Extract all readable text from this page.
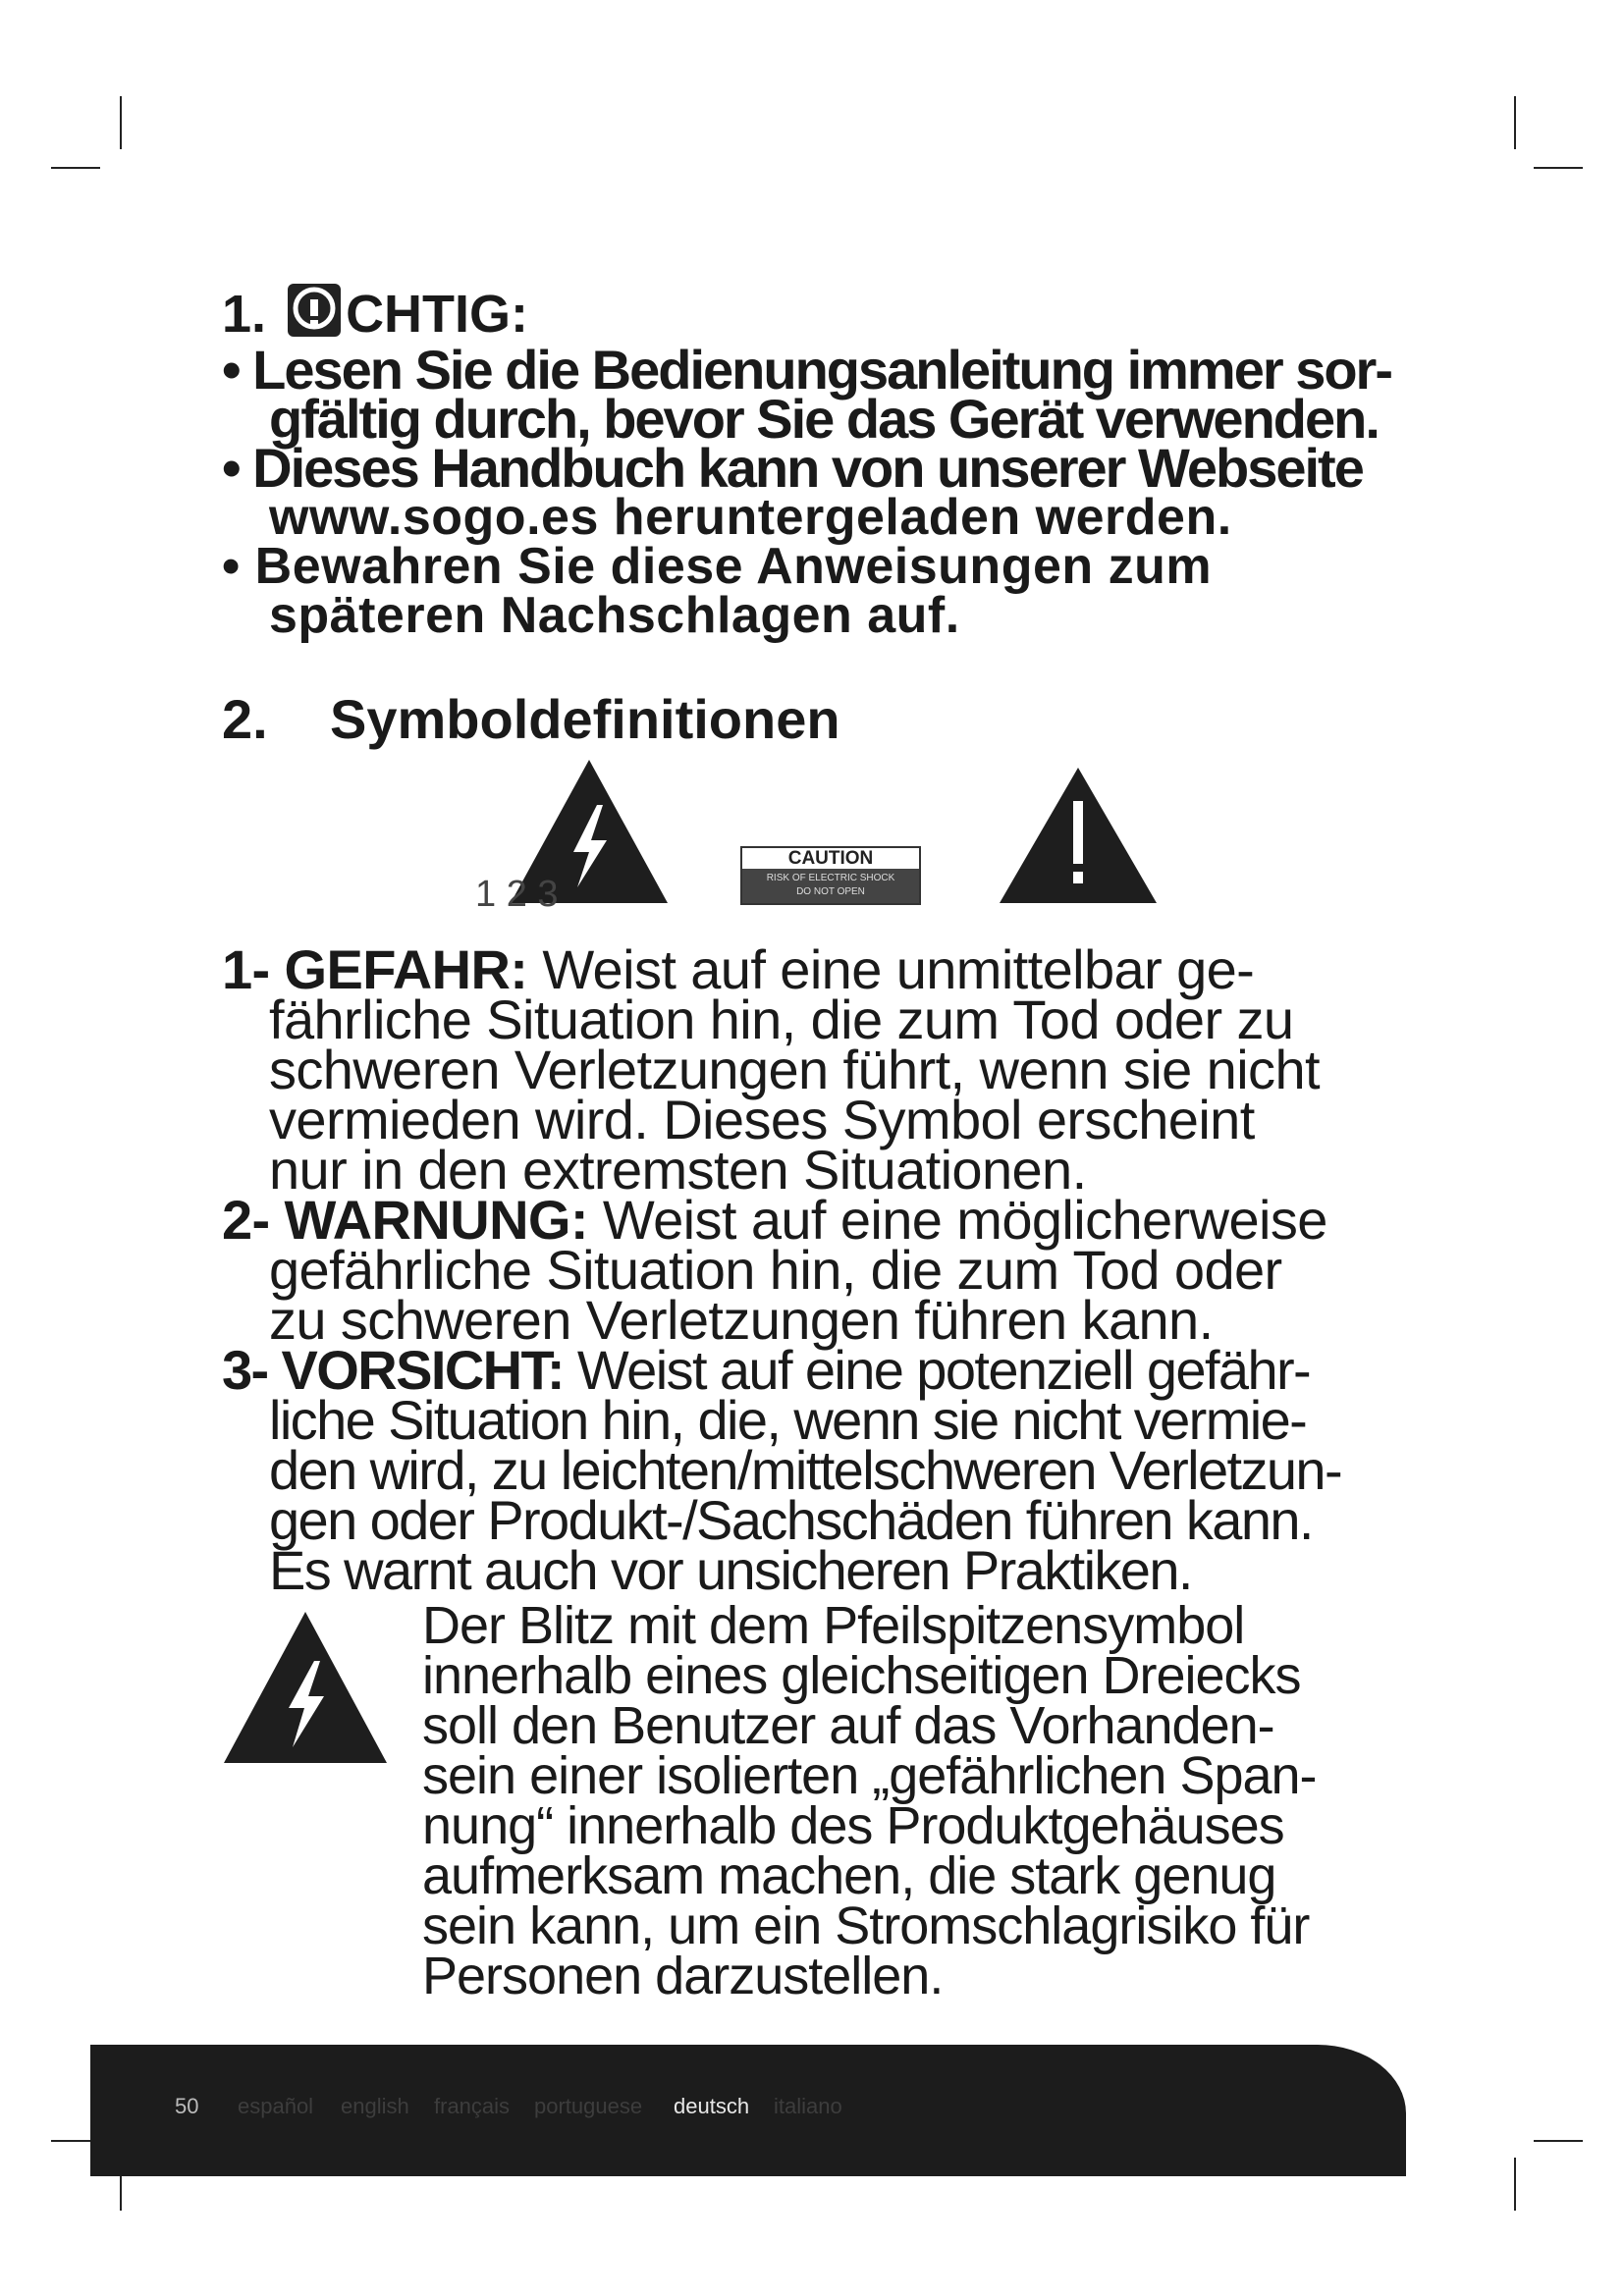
1. CHTIG:
• Lesen Sie die Bedienungsanleitung immer sor-
gfältig durch, bevor Sie das Gerät verwenden.
• Dieses Handbuch kann von unserer Webseite
www.sogo.es heruntergeladen werden.
• Bewahren Sie diese Anweisungen zum
späteren Nachschlagen auf.
2. Symboldefinitionen
1 2 3
CAUTION
RISK OF ELECTRIC SHOCK
DO NOT OPEN
1- GEFAHR: Weist auf eine unmittelbar ge-
fährliche Situation hin, die zum Tod oder zu
schweren Verletzungen führt, wenn sie nicht
vermieden wird. Dieses Symbol erscheint
nur in den extremsten Situationen.
2- WARNUNG: Weist auf eine möglicherweise
gefährliche Situation hin, die zum Tod oder
zu schweren Verletzungen führen kann.
3- VORSICHT: Weist auf eine potenziell gefähr-
liche Situation hin, die, wenn sie nicht vermie-
den wird, zu leichten/mittelschweren Verletzun-
gen oder Produkt-/Sachschäden führen kann.
Es warnt auch vor unsicheren Praktiken.
Der Blitz mit dem Pfeilspitzensymbol
innerhalb eines gleichseitigen Dreiecks
soll den Benutzer auf das Vorhanden-
sein einer isolierten „gefährlichen Span-
nung“ innerhalb des Produktgehäuses
aufmerksam machen, die stark genug
sein kann, um ein Stromschlagrisiko für
Personen darzustellen.
50 español english français portuguese deutsch italiano
